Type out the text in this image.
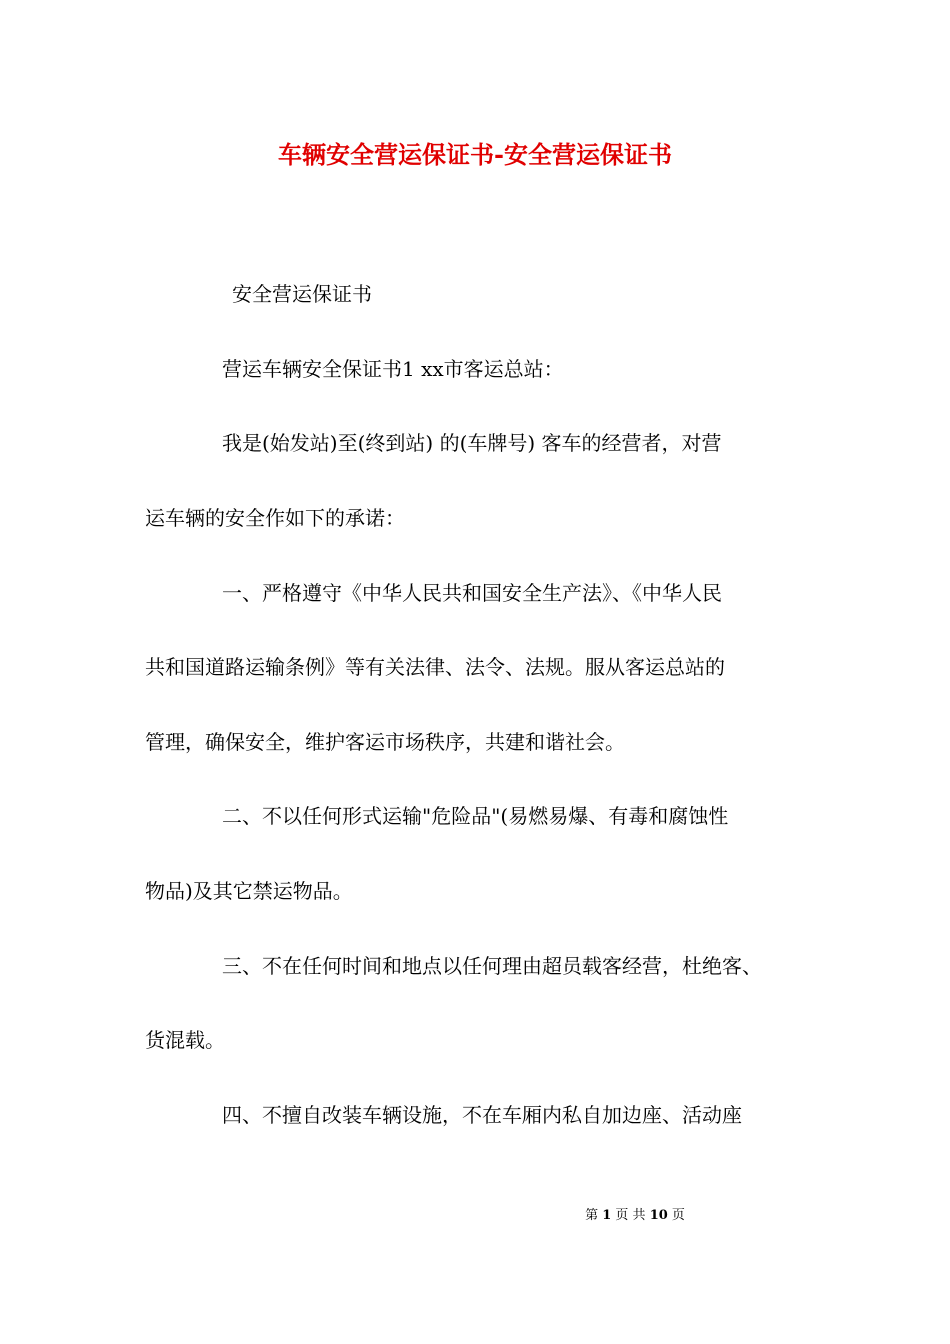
车辆安全营运保证书-安全营运保证书
安全营运保证书
营运车辆安全保证书1 xx市客运总站：
我是(始发站)至(终到站) 的(车牌号) 客车的经营者，对营
运车辆的安全作如下的承诺：
一、严格遵守《中华人民共和国安全生产法》、《中华人民
共和国道路运输条例》等有关法律、法令、法规。服从客运总站的
管理，确保安全，维护客运市场秩序，共建和谐社会。
二、不以任何形式运输"危险品"(易燃易爆、有毒和腐蚀性
物品)及其它禁运物品。
三、不在任何时间和地点以任何理由超员载客经营，杜绝客、
货混载。
四、不擅自改装车辆设施，不在车厢内私自加边座、活动座
第 1 页 共 10 页
